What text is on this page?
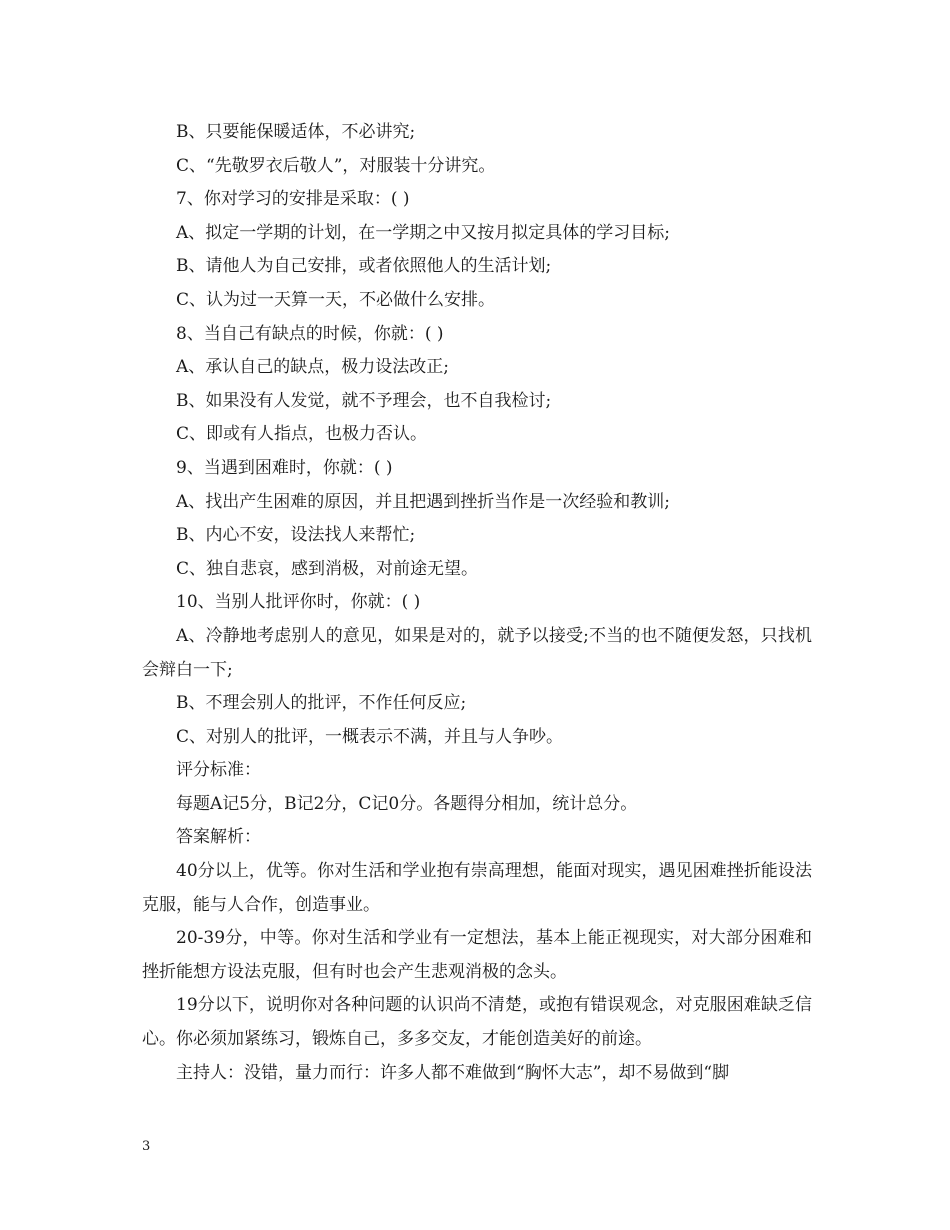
B、只要能保暖适体，不必讲究;

C、“先敬罗衣后敬人”，对服装十分讲究。

7、你对学习的安排是采取：( )

A、拟定一学期的计划，在一学期之中又按月拟定具体的学习目标;

B、请他人为自己安排，或者依照他人的生活计划;

C、认为过一天算一天，不必做什么安排。

8、当自己有缺点的时候，你就：( )

A、承认自己的缺点，极力设法改正;

B、如果没有人发觉，就不予理会，也不自我检讨;

C、即或有人指点，也极力否认。

9、当遇到困难时，你就：( )

A、找出产生困难的原因，并且把遇到挫折当作是一次经验和教训;

B、内心不安，设法找人来帮忙;

C、独自悲哀，感到消极，对前途无望。

10、当别人批评你时，你就：( )

A、冷静地考虑别人的意见，如果是对的，就予以接受;不当的也不随便发怒，只找机会辩白一下;

B、不理会别人的批评，不作任何反应;

C、对别人的批评，一概表示不满，并且与人争吵。

评分标准：

每题A记5分，B记2分，C记0分。各题得分相加，统计总分。

答案解析：

40分以上，优等。你对生活和学业抱有崇高理想，能面对现实，遇见困难挫折能设法克服，能与人合作，创造事业。

20-39分，中等。你对生活和学业有一定想法，基本上能正视现实，对大部分困难和挫折能想方设法克服，但有时也会产生悲观消极的念头。

19分以下，说明你对各种问题的认识尚不清楚，或抱有错误观念，对克服困难缺乏信心。你必须加紧练习，锻炼自己，多多交友，才能创造美好的前途。

主持人：没错，量力而行：许多人都不难做到“胸怀大志”，却不易做到“脚

3
